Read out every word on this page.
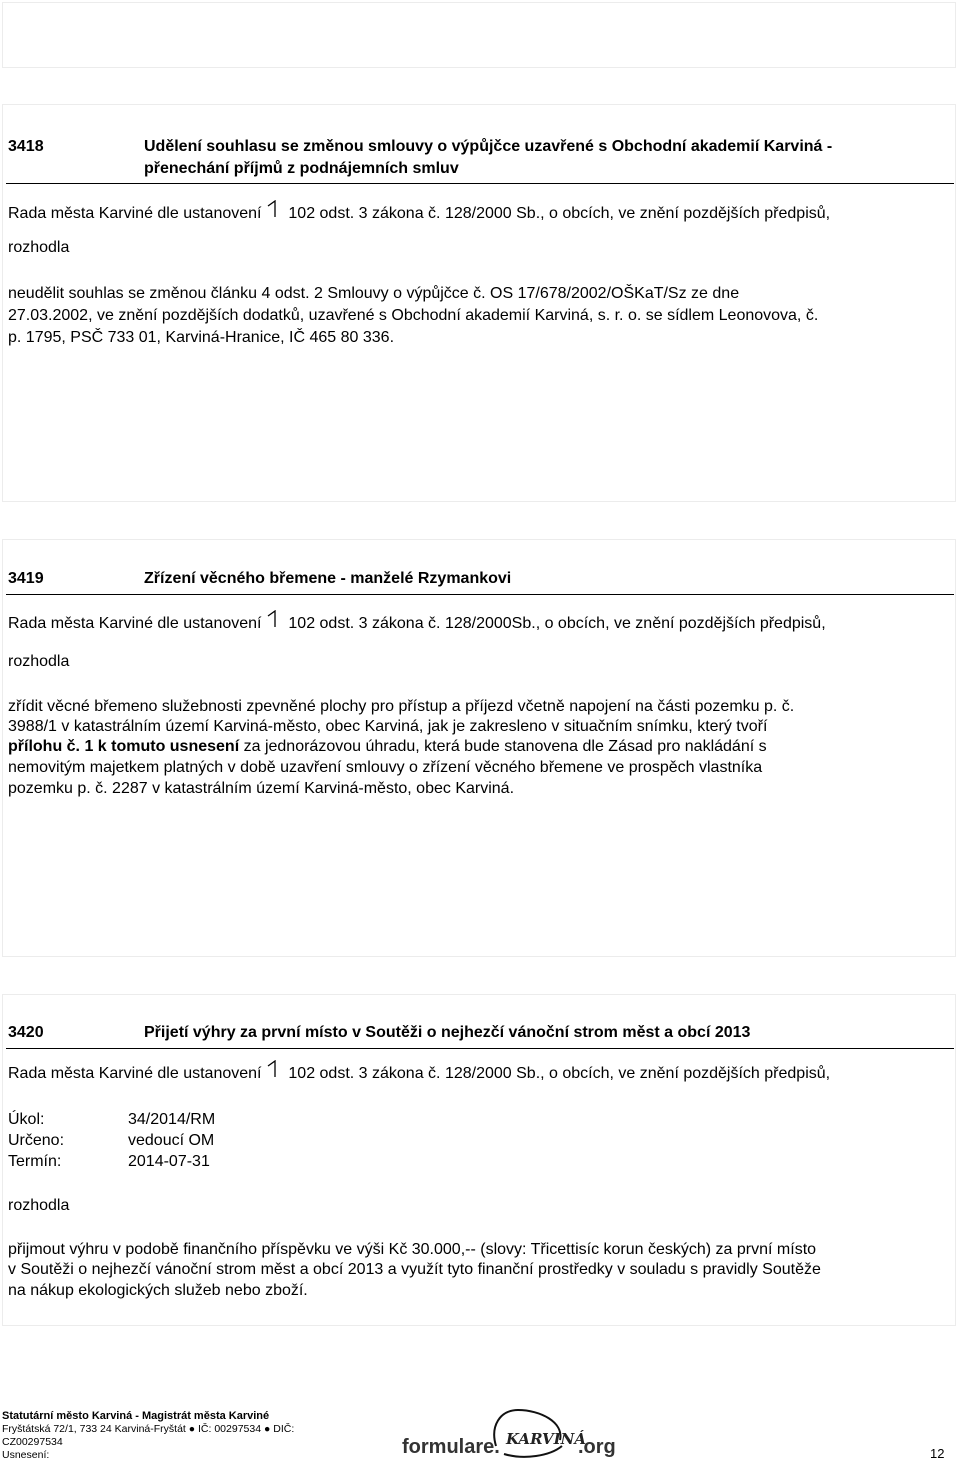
3418	Udělení souhlasu se změnou smlouvy o výpůjčce uzavřené s Obchodní akademií Karviná -
přenechání příjmů z podnájemních smluv
Rada města Karviné dle ustanovení 102 odst. 3 zákona č. 128/2000 Sb., o obcích, ve znění pozdějších předpisů,
rozhodla
neudělit souhlas se změnou článku 4 odst. 2 Smlouvy o výpůjčce č. OS 17/678/2002/OŠKaT/Sz ze dne
27.03.2002, ve znění pozdějších dodatků, uzavřené s Obchodní akademií Karviná, s. r. o. se sídlem Leonovova, č.
p. 1795, PSČ 733 01, Karviná-Hranice, IČ 465 80 336.
3419	Zřízení věcného břemene - manželé Rzymankovi
Rada města Karviné dle ustanovení 102 odst. 3 zákona č. 128/2000Sb., o obcích, ve znění pozdějších předpisů,
rozhodla
zřídit věcné břemeno služebnosti zpevněné plochy pro přístup a příjezd včetně napojení na části pozemku p. č.
3988/1 v katastrálním území Karviná-město, obec Karviná, jak je zakresleno v situačním snímku, který tvoří
přílohu č. 1 k tomuto usnesení za jednorázovou úhradu, která bude stanovena dle Zásad pro nakládání s
nemovitým majetkem platných v době uzavření smlouvy o zřízení věcného břemene ve prospěch vlastníka
pozemku p. č. 2287 v katastrálním území Karviná-město, obec Karviná.
3420	Přijetí výhry za první místo v Soutěži o nejhezčí vánoční strom měst a obcí 2013
Rada města Karviné dle ustanovení 102 odst. 3 zákona č. 128/2000 Sb., o obcích, ve znění pozdějších předpisů,
Úkol:	34/2014/RM
Určeno:	vedoucí OM
Termín:	2014-07-31
rozhodla
přijmout výhru v podobě finančního příspěvku ve výši Kč 30.000,-- (slovy: Třicettisíc korun českých) za první místo
v Soutěži o nejhezčí vánoční strom měst a obcí 2013 a využít tyto finanční prostředky v souladu s pravidly Soutěže
na nákup ekologických služeb nebo zboží.
Statutární město Karviná - Magistrát města Karviné
Fryštátská 72/1, 733 24 Karviná-Fryštát ● IČ: 00297534 ● DIČ:
CZ00297534
Usnesení:	formulare. KARVINÁ
.org	12
